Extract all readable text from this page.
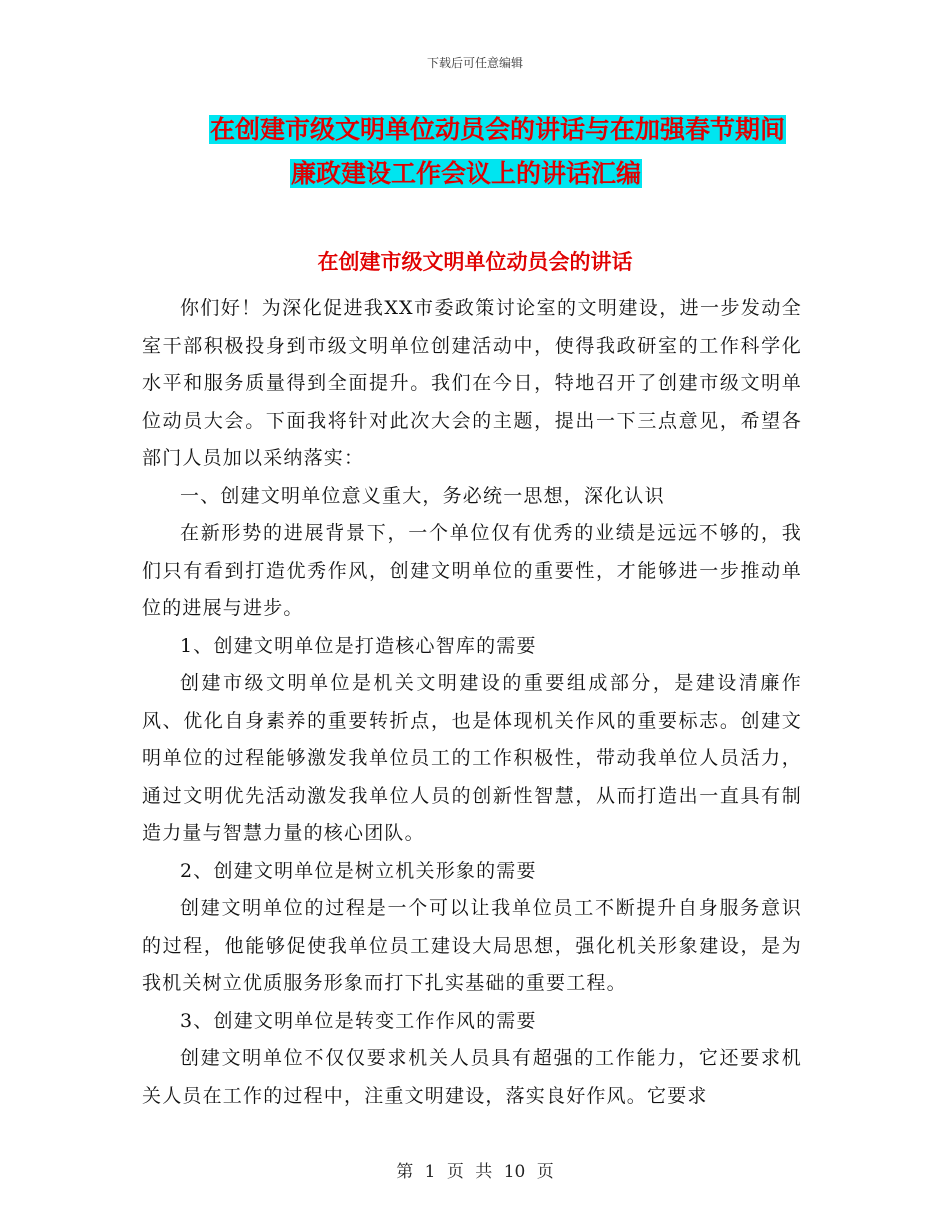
下载后可任意编辑
在创建市级文明单位动员会的讲话与在加强春节期间
廉政建设工作会议上的讲话汇编
在创建市级文明单位动员会的讲话

你们好！为深化促进我XX市委政策讨论室的文明建设，进一步发动全室干部积极投身到市级文明单位创建活动中，使得我政研室的工作科学化水平和服务质量得到全面提升。我们在今日，特地召开了创建市级文明单位动员大会。下面我将针对此次大会的主题，提出一下三点意见，希望各部门人员加以采纳落实：

一、创建文明单位意义重大，务必统一思想，深化认识

在新形势的进展背景下，一个单位仅有优秀的业绩是远远不够的，我们只有看到打造优秀作风，创建文明单位的重要性，才能够进一步推动单位的进展与进步。

1、创建文明单位是打造核心智库的需要

创建市级文明单位是机关文明建设的重要组成部分，是建设清廉作风、优化自身素养的重要转折点，也是体现机关作风的重要标志。创建文明单位的过程能够激发我单位员工的工作积极性，带动我单位人员活力，通过文明优先活动激发我单位人员的创新性智慧，从而打造出一直具有制造力量与智慧力量的核心团队。

2、创建文明单位是树立机关形象的需要

创建文明单位的过程是一个可以让我单位员工不断提升自身服务意识的过程，他能够促使我单位员工建设大局思想，强化机关形象建设，是为我机关树立优质服务形象而打下扎实基础的重要工程。

3、创建文明单位是转变工作作风的需要

创建文明单位不仅仅要求机关人员具有超强的工作能力，它还要求机关人员在工作的过程中，注重文明建设，落实良好作风。它要求

第 1 页 共 10 页
